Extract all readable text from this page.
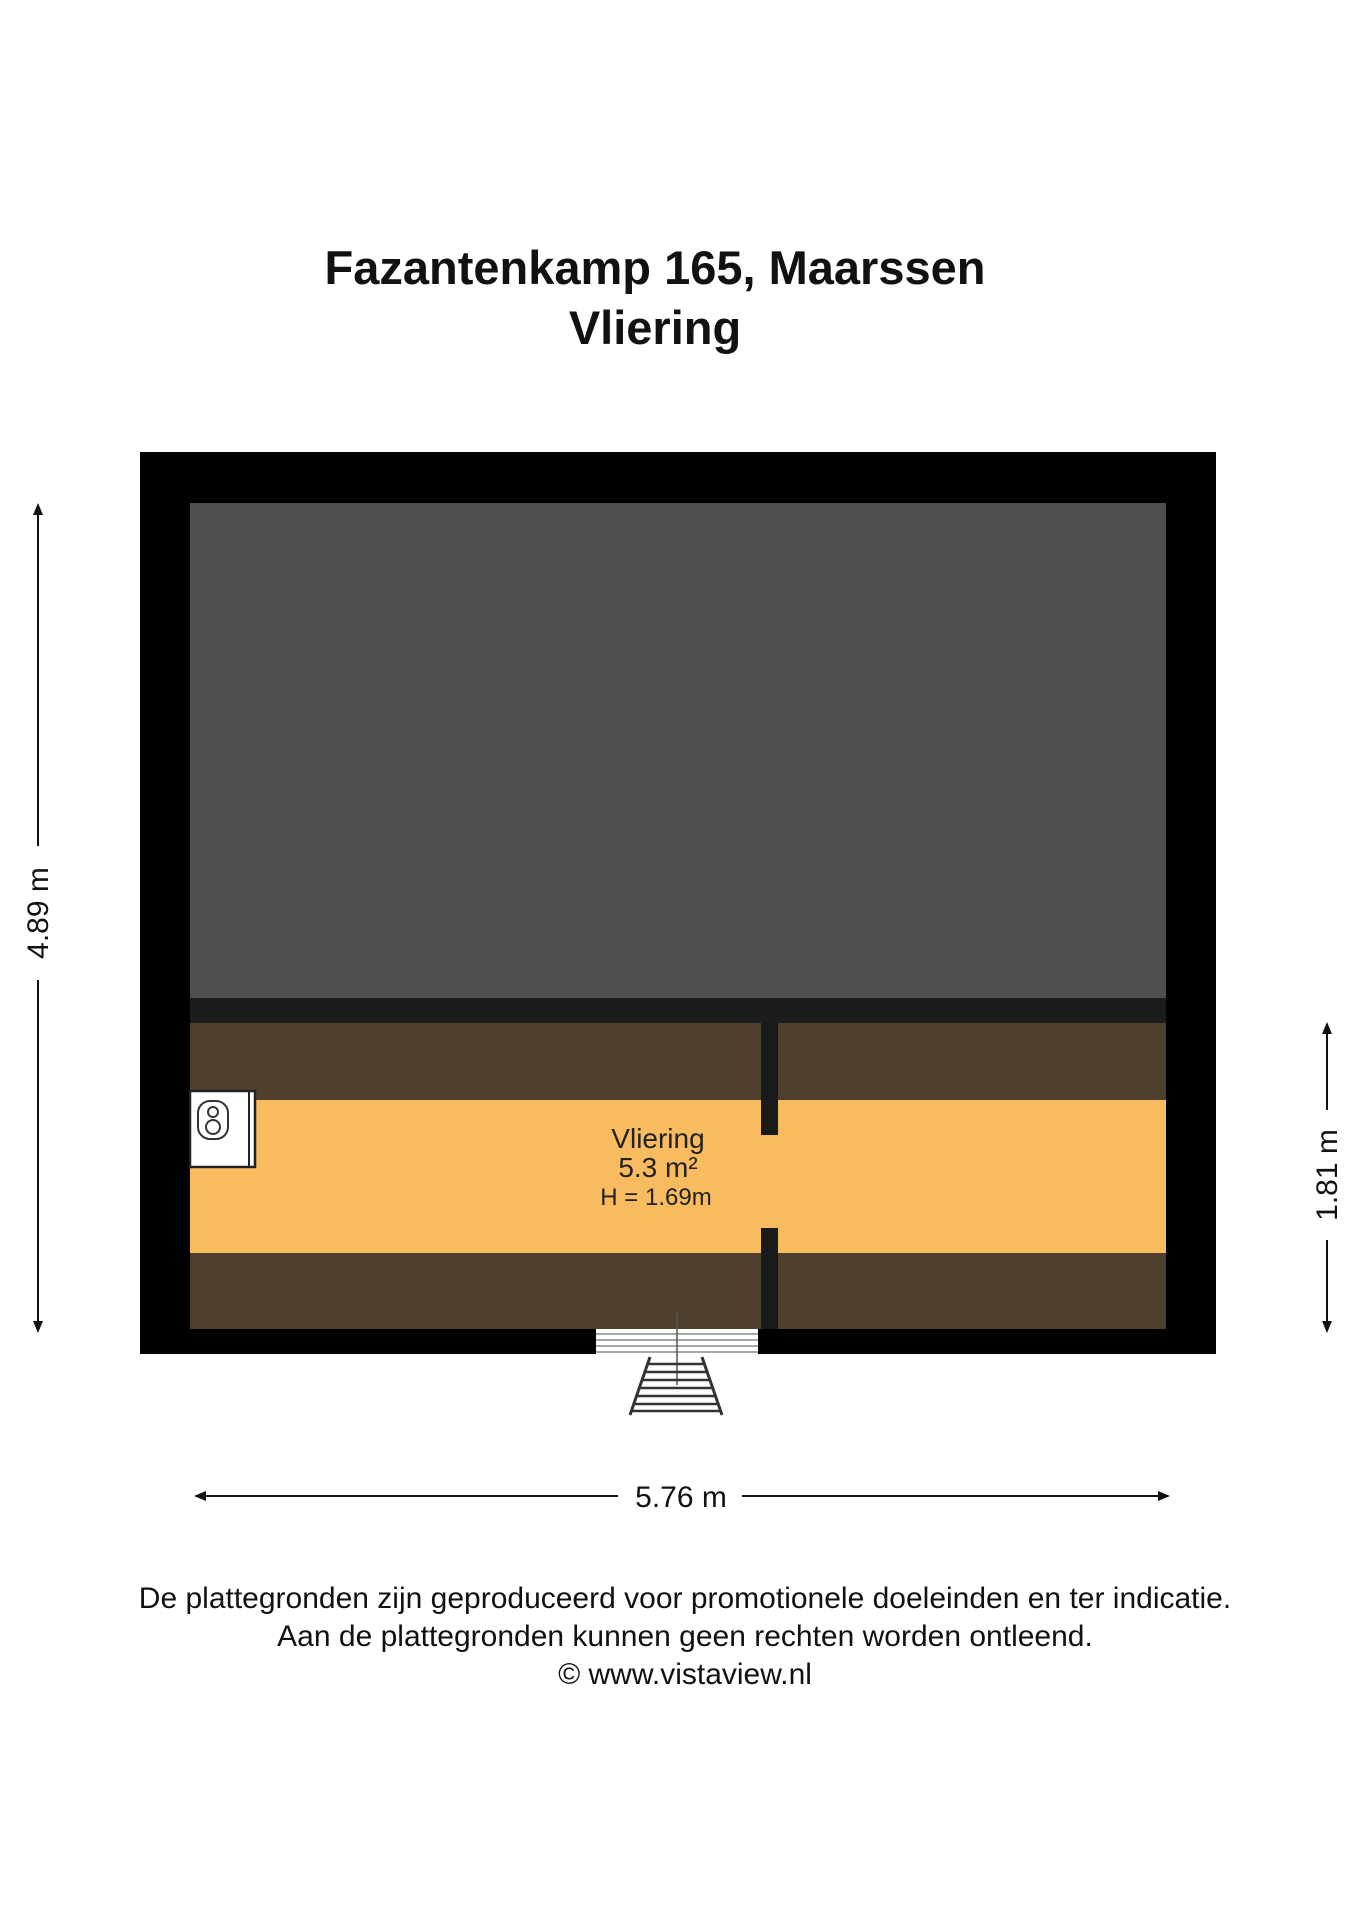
Fazantenkamp 165, Maarssen
Vliering
Vliering
5.3 m²
H = 1.69m
5.76 m
4.89 m
1.81 m
De plattegronden zijn geproduceerd voor promotionele doeleinden en ter indicatie.
Aan de plattegronden kunnen geen rechten worden ontleend.
© www.vistaview.nl
